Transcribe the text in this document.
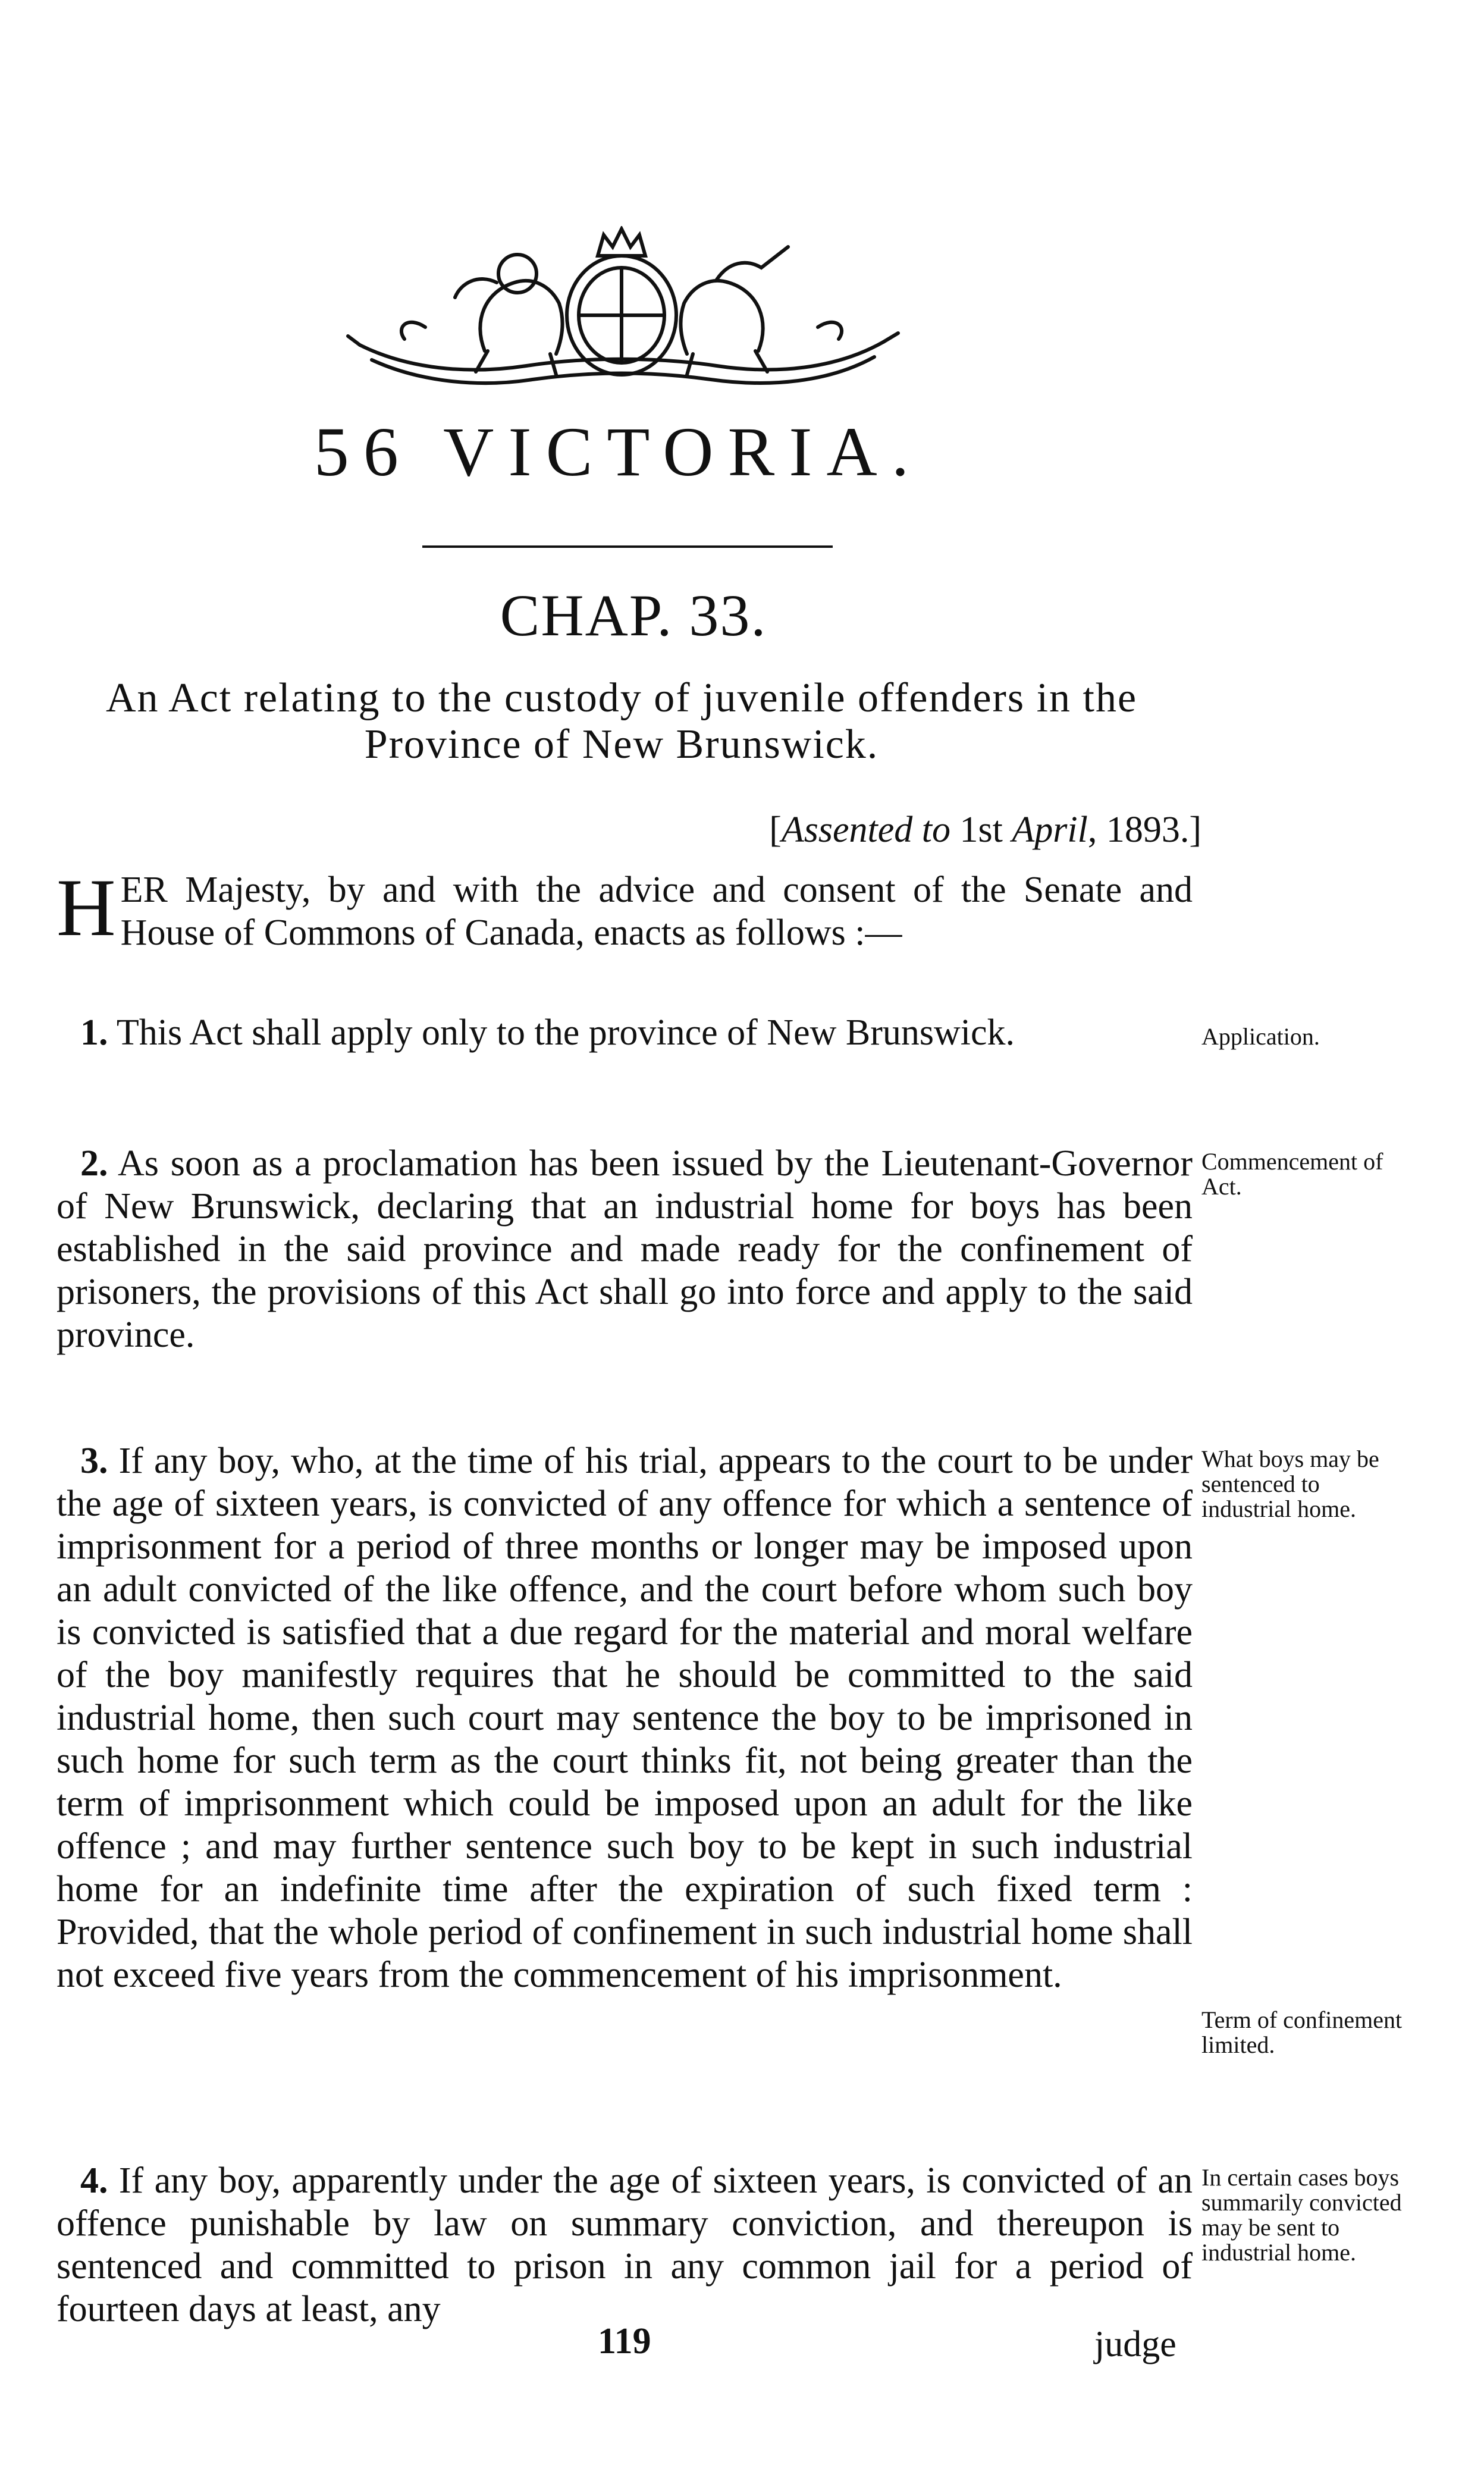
56 VICTORIA.
CHAP. 33.
An Act relating to the custody of juvenile offenders in the Province of New Brunswick.
[Assented to 1st April, 1893.]
HER Majesty, by and with the advice and consent of the Senate and House of Commons of Canada, enacts as follows :—
1. This Act shall apply only to the province of New Brunswick.	Application.
2. As soon as a proclamation has been issued by the Lieutenant-Governor of New Brunswick, declaring that an industrial home for boys has been established in the said province and made ready for the confinement of prisoners, the provisions of this Act shall go into force and apply to the said province.
Commencement of Act.
3. If any boy, who, at the time of his trial, appears to the court to be under the age of sixteen years, is convicted of any offence for which a sentence of imprisonment for a period of three months or longer may be imposed upon an adult convicted of the like offence, and the court before whom such boy is convicted is satisfied that a due regard for the material and moral welfare of the boy manifestly requires that he should be committed to the said industrial home, then such court may sentence the boy to be imprisoned in such home for such term as the court thinks fit, not being greater than the term of imprisonment which could be imposed upon an adult for the like offence ; and may further sentence such boy to be kept in such industrial home for an indefinite time after the expiration of such fixed term : Provided, that the whole period of confinement in such industrial home shall not exceed five years from the commencement of his imprisonment.
What boys may be sentenced to industrial home.
Term of confinement limited.
4. If any boy, apparently under the age of sixteen years, is convicted of an offence punishable by law on summary conviction, and thereupon is sentenced and committed to prison in any common jail for a period of fourteen days at least, any
In certain cases boys summarily convicted may be sent to industrial home.
119	judge
